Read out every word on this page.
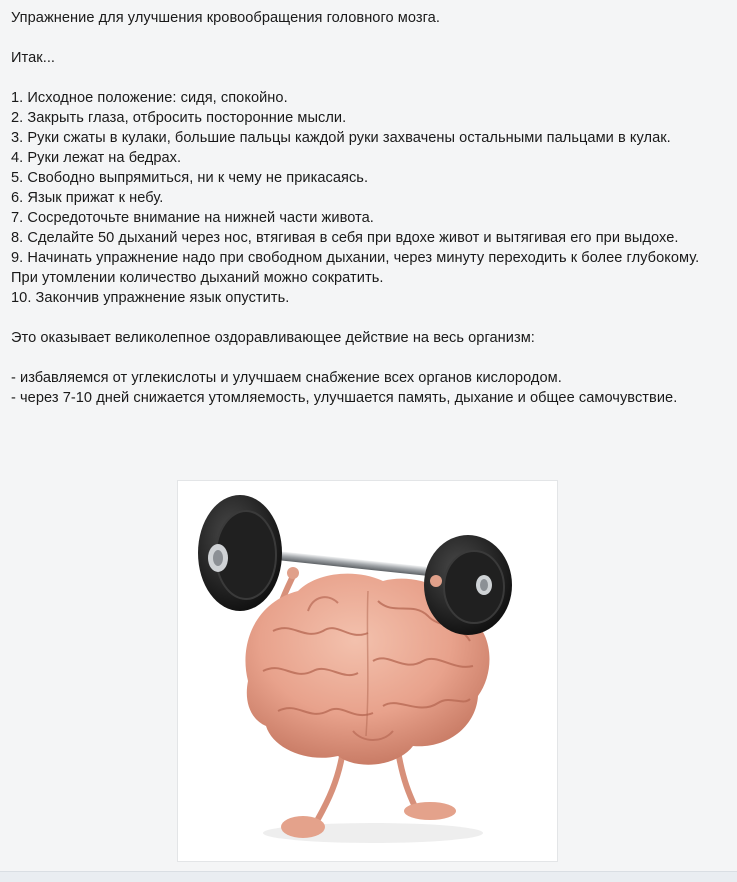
Упражнение для улучшения кровообращения головного мозга.

Итак...

1. Исходное положение: сидя, спокойно.

2. Закрыть глаза, отбросить посторонние мысли.

3. Руки сжаты в кулаки, большие пальцы каждой руки захвачены остальными пальцами в кулак.

4. Руки лежат на бедрах.

5. Свободно выпрямиться, ни к чему не прикасаясь.

6. Язык прижат к небу.

7. Сосредоточьте внимание на нижней части живота.

8. Сделайте 50 дыханий через нос, втягивая в себя при вдохе живот и вытягивая его при выдохе.

9. Начинать упражнение надо при свободном дыхании, через минуту переходить к более глубокому. При утомлении количество дыханий можно сократить.

10. Закончив упражнение язык опустить.

Это оказывает великолепное оздоравливающее действие на весь организм:

- избавляемся от углекислоты и улучшаем снабжение всех органов кислородом.

- через 7-10 дней снижается утомляемость, улучшается память, дыхание и общее самочувствие.
